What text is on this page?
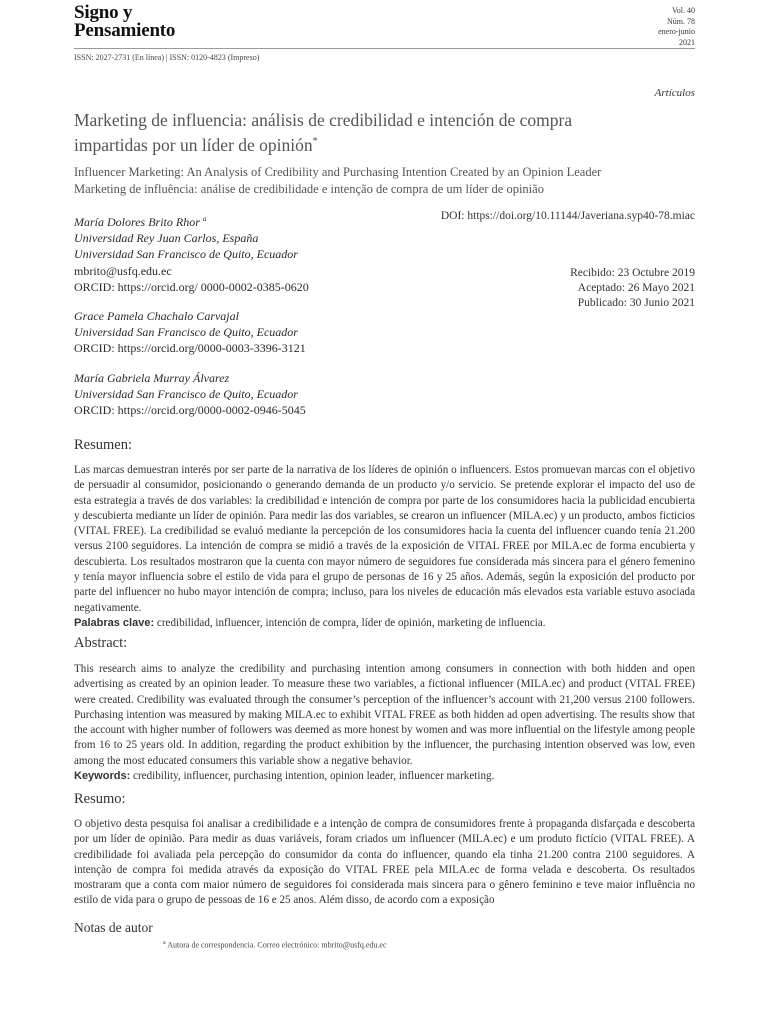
Signo y
Pensamiento
Vol. 40
Núm. 78
enero-junio
2021
ISSN: 2027-2731 (En línea) | ISSN: 0120-4823 (Impreso)
Artículos
Marketing de influencia: análisis de credibilidad e intención de compra impartidas por un líder de opinión*
Influencer Marketing: An Analysis of Credibility and Purchasing Intention Created by an Opinion Leader
Marketing de influência: análise de credibilidade e intenção de compra de um líder de opinião
María Dolores Brito Rhor $^a$
Universidad Rey Juan Carlos, España
Universidad San Francisco de Quito, Ecuador
mbrito@usfq.edu.ec
ORCID: https://orcid.org/ 0000-0002-0385-0620
Grace Pamela Chachalo Carvajal
Universidad San Francisco de Quito, Ecuador
ORCID: https://orcid.org/0000-0003-3396-3121
María Gabriela Murray Álvarez
Universidad San Francisco de Quito, Ecuador
ORCID: https://orcid.org/0000-0002-0946-5045
DOI: https://doi.org/10.11144/Javeriana.syp40-78.miac
Recibido: 23 Octubre 2019
Aceptado: 26 Mayo 2021
Publicado: 30 Junio 2021
Resumen:
Las marcas demuestran interés por ser parte de la narrativa de los líderes de opinión o influencers. Estos promuevan marcas con el objetivo de persuadir al consumidor, posicionando o generando demanda de un producto y/o servicio. Se pretende explorar el impacto del uso de esta estrategia a través de dos variables: la credibilidad e intención de compra por parte de los consumidores hacia la publicidad encubierta y descubierta mediante un líder de opinión. Para medir las dos variables, se crearon un influencer (MILA.ec) y un producto, ambos ficticios (VITAL FREE). La credibilidad se evaluó mediante la percepción de los consumidores hacia la cuenta del influencer cuando tenía 21.200 versus 2100 seguidores. La intención de compra se midió a través de la exposición de VITAL FREE por MILA.ec de forma encubierta y descubierta. Los resultados mostraron que la cuenta con mayor número de seguidores fue considerada más sincera para el género femenino y tenía mayor influencia sobre el estilo de vida para el grupo de personas de 16 y 25 años. Además, según la exposición del producto por parte del influencer no hubo mayor intención de compra; incluso, para los niveles de educación más elevados esta variable estuvo asociada negativamente.
Palabras clave: credibilidad, influencer, intención de compra, líder de opinión, marketing de influencia.
Abstract:
This research aims to analyze the credibility and purchasing intention among consumers in connection with both hidden and open advertising as created by an opinion leader. To measure these two variables, a fictional influencer (MILA.ec) and product (VITAL FREE) were created. Credibility was evaluated through the consumer’s perception of the influencer’s account with 21,200 versus 2100 followers. Purchasing intention was measured by making MILA.ec to exhibit VITAL FREE as both hidden ad open advertising. The results show that the account with higher number of followers was deemed as more honest by women and was more influential on the lifestyle among people from 16 to 25 years old. In addition, regarding the product exhibition by the influencer, the purchasing intention observed was low, even among the most educated consumers this variable show a negative behavior.
Keywords: credibility, influencer, purchasing intention, opinion leader, influencer marketing.
Resumo:
O objetivo desta pesquisa foi analisar a credibilidade e a intenção de compra de consumidores frente à propaganda disfarçada e descoberta por um líder de opinião. Para medir as duas variáveis, foram criados um influencer (MILA.ec) e um produto fictício (VITAL FREE). A credibilidade foi avaliada pela percepção do consumidor da conta do influencer, quando ela tinha 21.200 contra 2100 seguidores. A intenção de compra foi medida através da exposição do VITAL FREE pela MILA.ec de forma velada e descoberta. Os resultados mostraram que a conta com maior número de seguidores foi considerada mais sincera para o gênero feminino e teve maior influência no estilo de vida para o grupo de pessoas de 16 e 25 anos. Além disso, de acordo com a exposição
Notas de autor
$^a$ Autora de correspondencia. Correo electrónico: mbrito@usfq.edu.ec
